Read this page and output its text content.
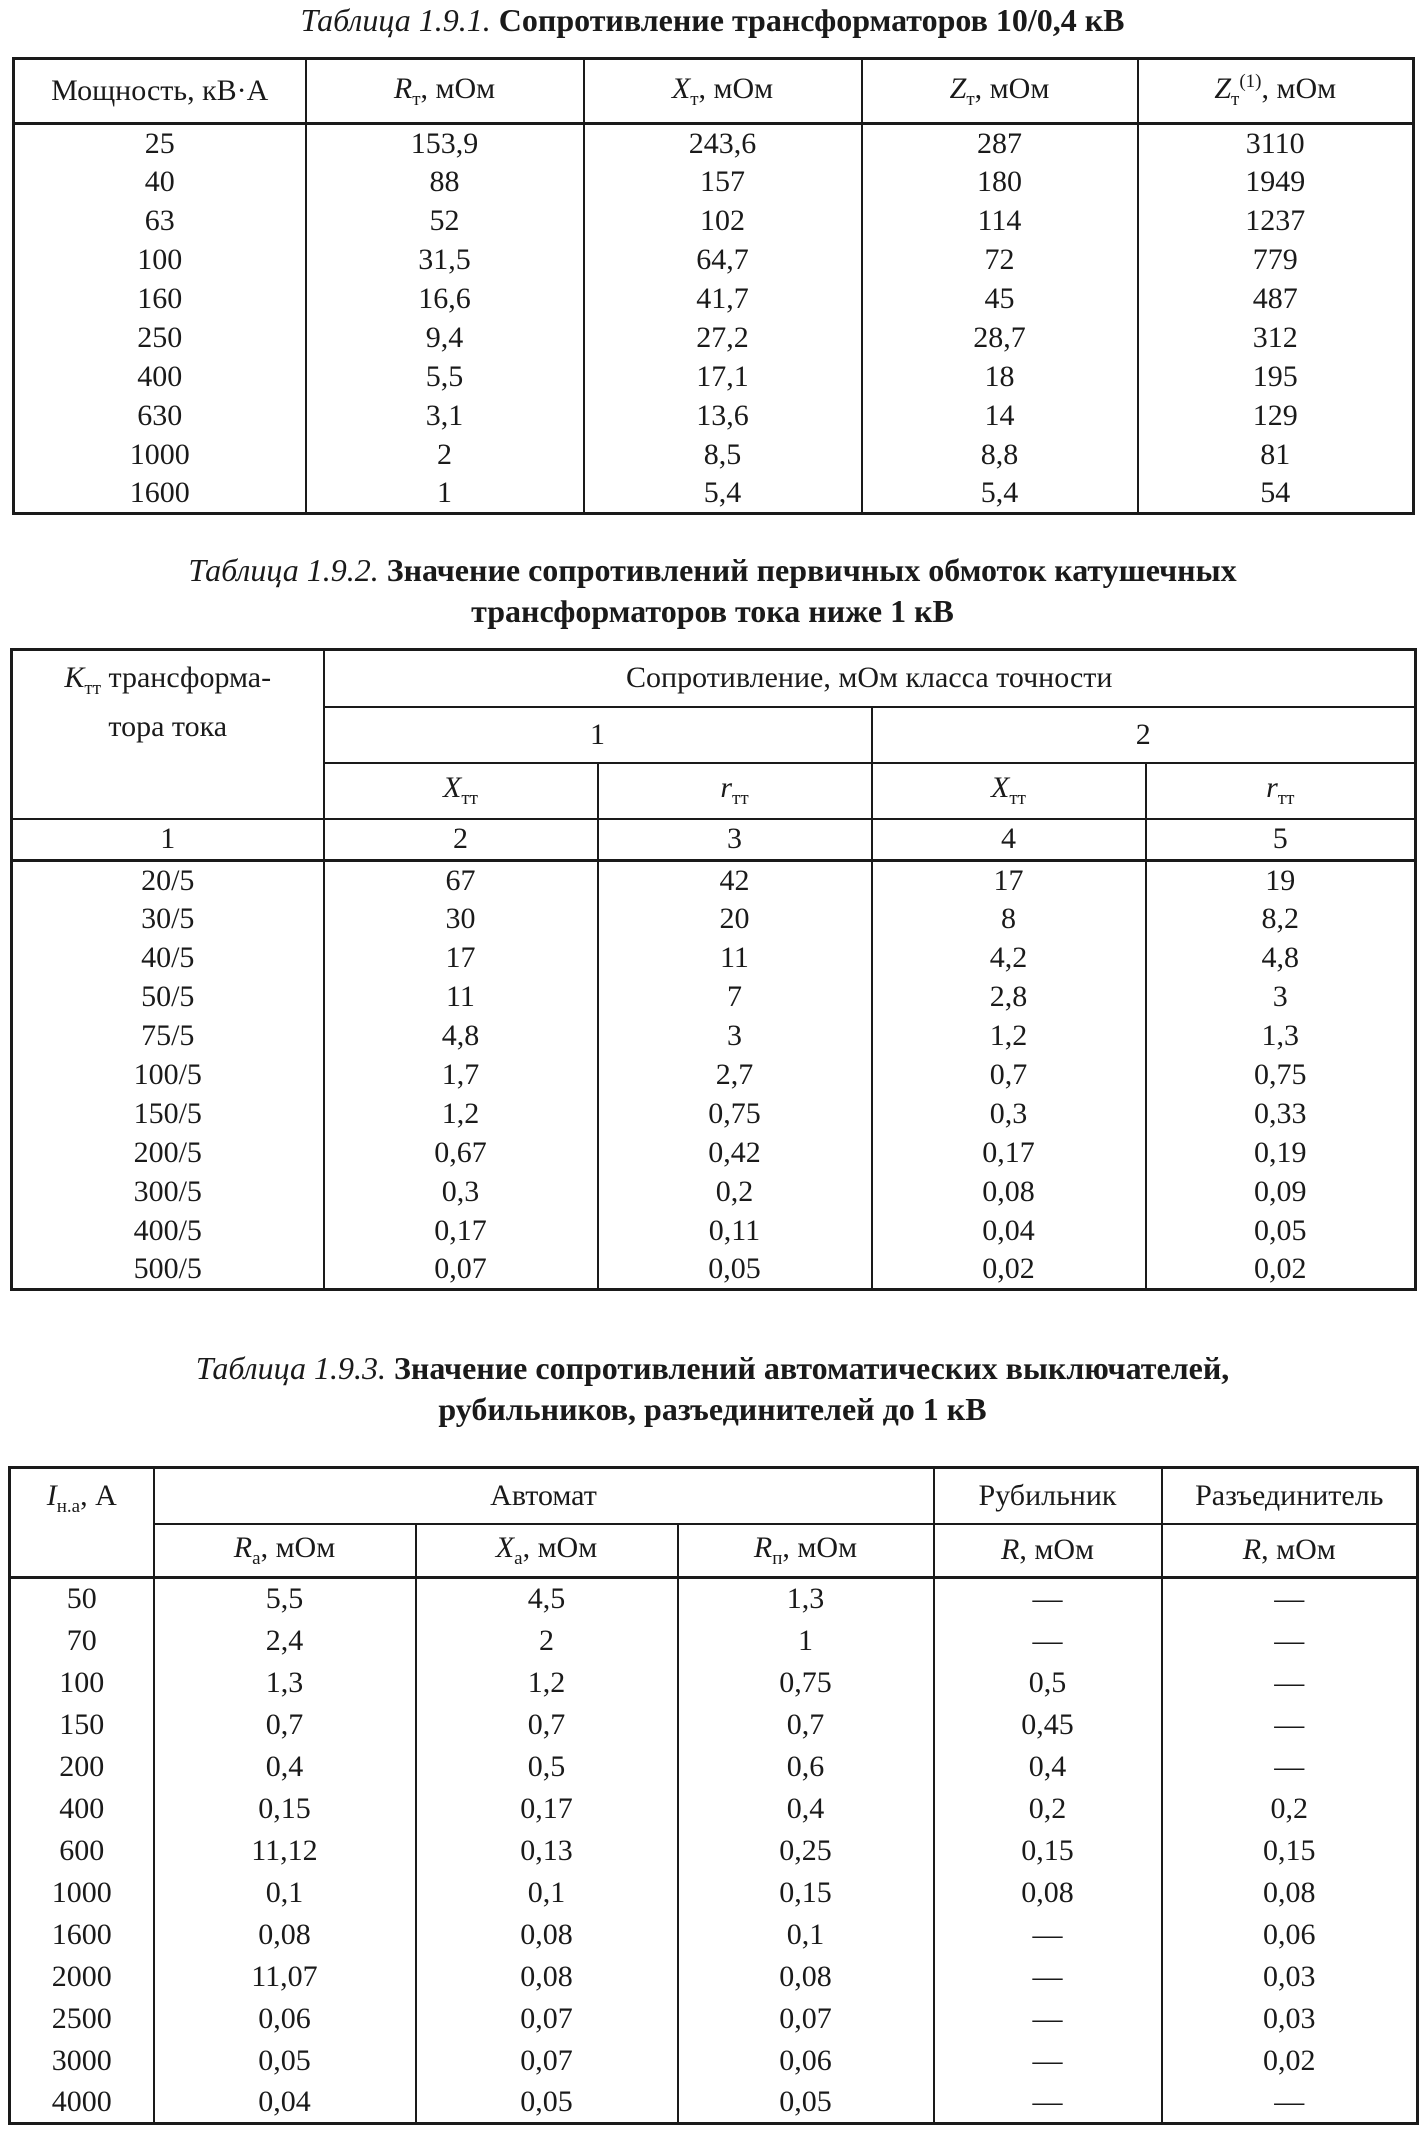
Таблица 1.9.1. Сопротивление трансформаторов 10/0,4 кВ
Мощность, кВ·А	$R_т$, мОм	$X_т$, мОм	$Z_т$, мОм	$Z_т^{(1)}$, мОм
25	153,9	243,6	287	3110
40	88	157	180	1949
63	52	102	114	1237
100	31,5	64,7	72	779
160	16,6	41,7	45	487
250	9,4	27,2	28,7	312
400	5,5	17,1	18	195
630	3,1	13,6	14	129
1000	2	8,5	8,8	81
1600	1	5,4	5,4	54
Таблица 1.9.2. Значение сопротивлений первичных обмоток катушечных
трансформаторов тока ниже 1 кВ
$K_{тт}$ трансформа-
тора тока	Сопротивление, мОм класса точности			
	1		2	
	$X_{тт}$	$r_{тт}$	$X_{тт}$	$r_{тт}$
1	2	3	4	5
20/5	67	42	17	19
30/5	30	20	8	8,2
40/5	17	11	4,2	4,8
50/5	11	7	2,8	3
75/5	4,8	3	1,2	1,3
100/5	1,7	2,7	0,7	0,75
150/5	1,2	0,75	0,3	0,33
200/5	0,67	0,42	0,17	0,19
300/5	0,3	0,2	0,08	0,09
400/5	0,17	0,11	0,04	0,05
500/5	0,07	0,05	0,02	0,02
Таблица 1.9.3. Значение сопротивлений автоматических выключателей,
рубильников, разъединителей до 1 кВ
$I_{н.а}$, А	Автомат			Рубильник	Разъединитель
	$R_а$, мОм	$X_а$, мОм	$R_п$, мОм	R, мОм	R, мОм
50	5,5	4,5	1,3	—	—
70	2,4	2	1	—	—
100	1,3	1,2	0,75	0,5	—
150	0,7	0,7	0,7	0,45	—
200	0,4	0,5	0,6	0,4	—
400	0,15	0,17	0,4	0,2	0,2
600	11,12	0,13	0,25	0,15	0,15
1000	0,1	0,1	0,15	0,08	0,08
1600	0,08	0,08	0,1	—	0,06
2000	11,07	0,08	0,08	—	0,03
2500	0,06	0,07	0,07	—	0,03
3000	0,05	0,07	0,06	—	0,02
4000	0,04	0,05	0,05	—	—
